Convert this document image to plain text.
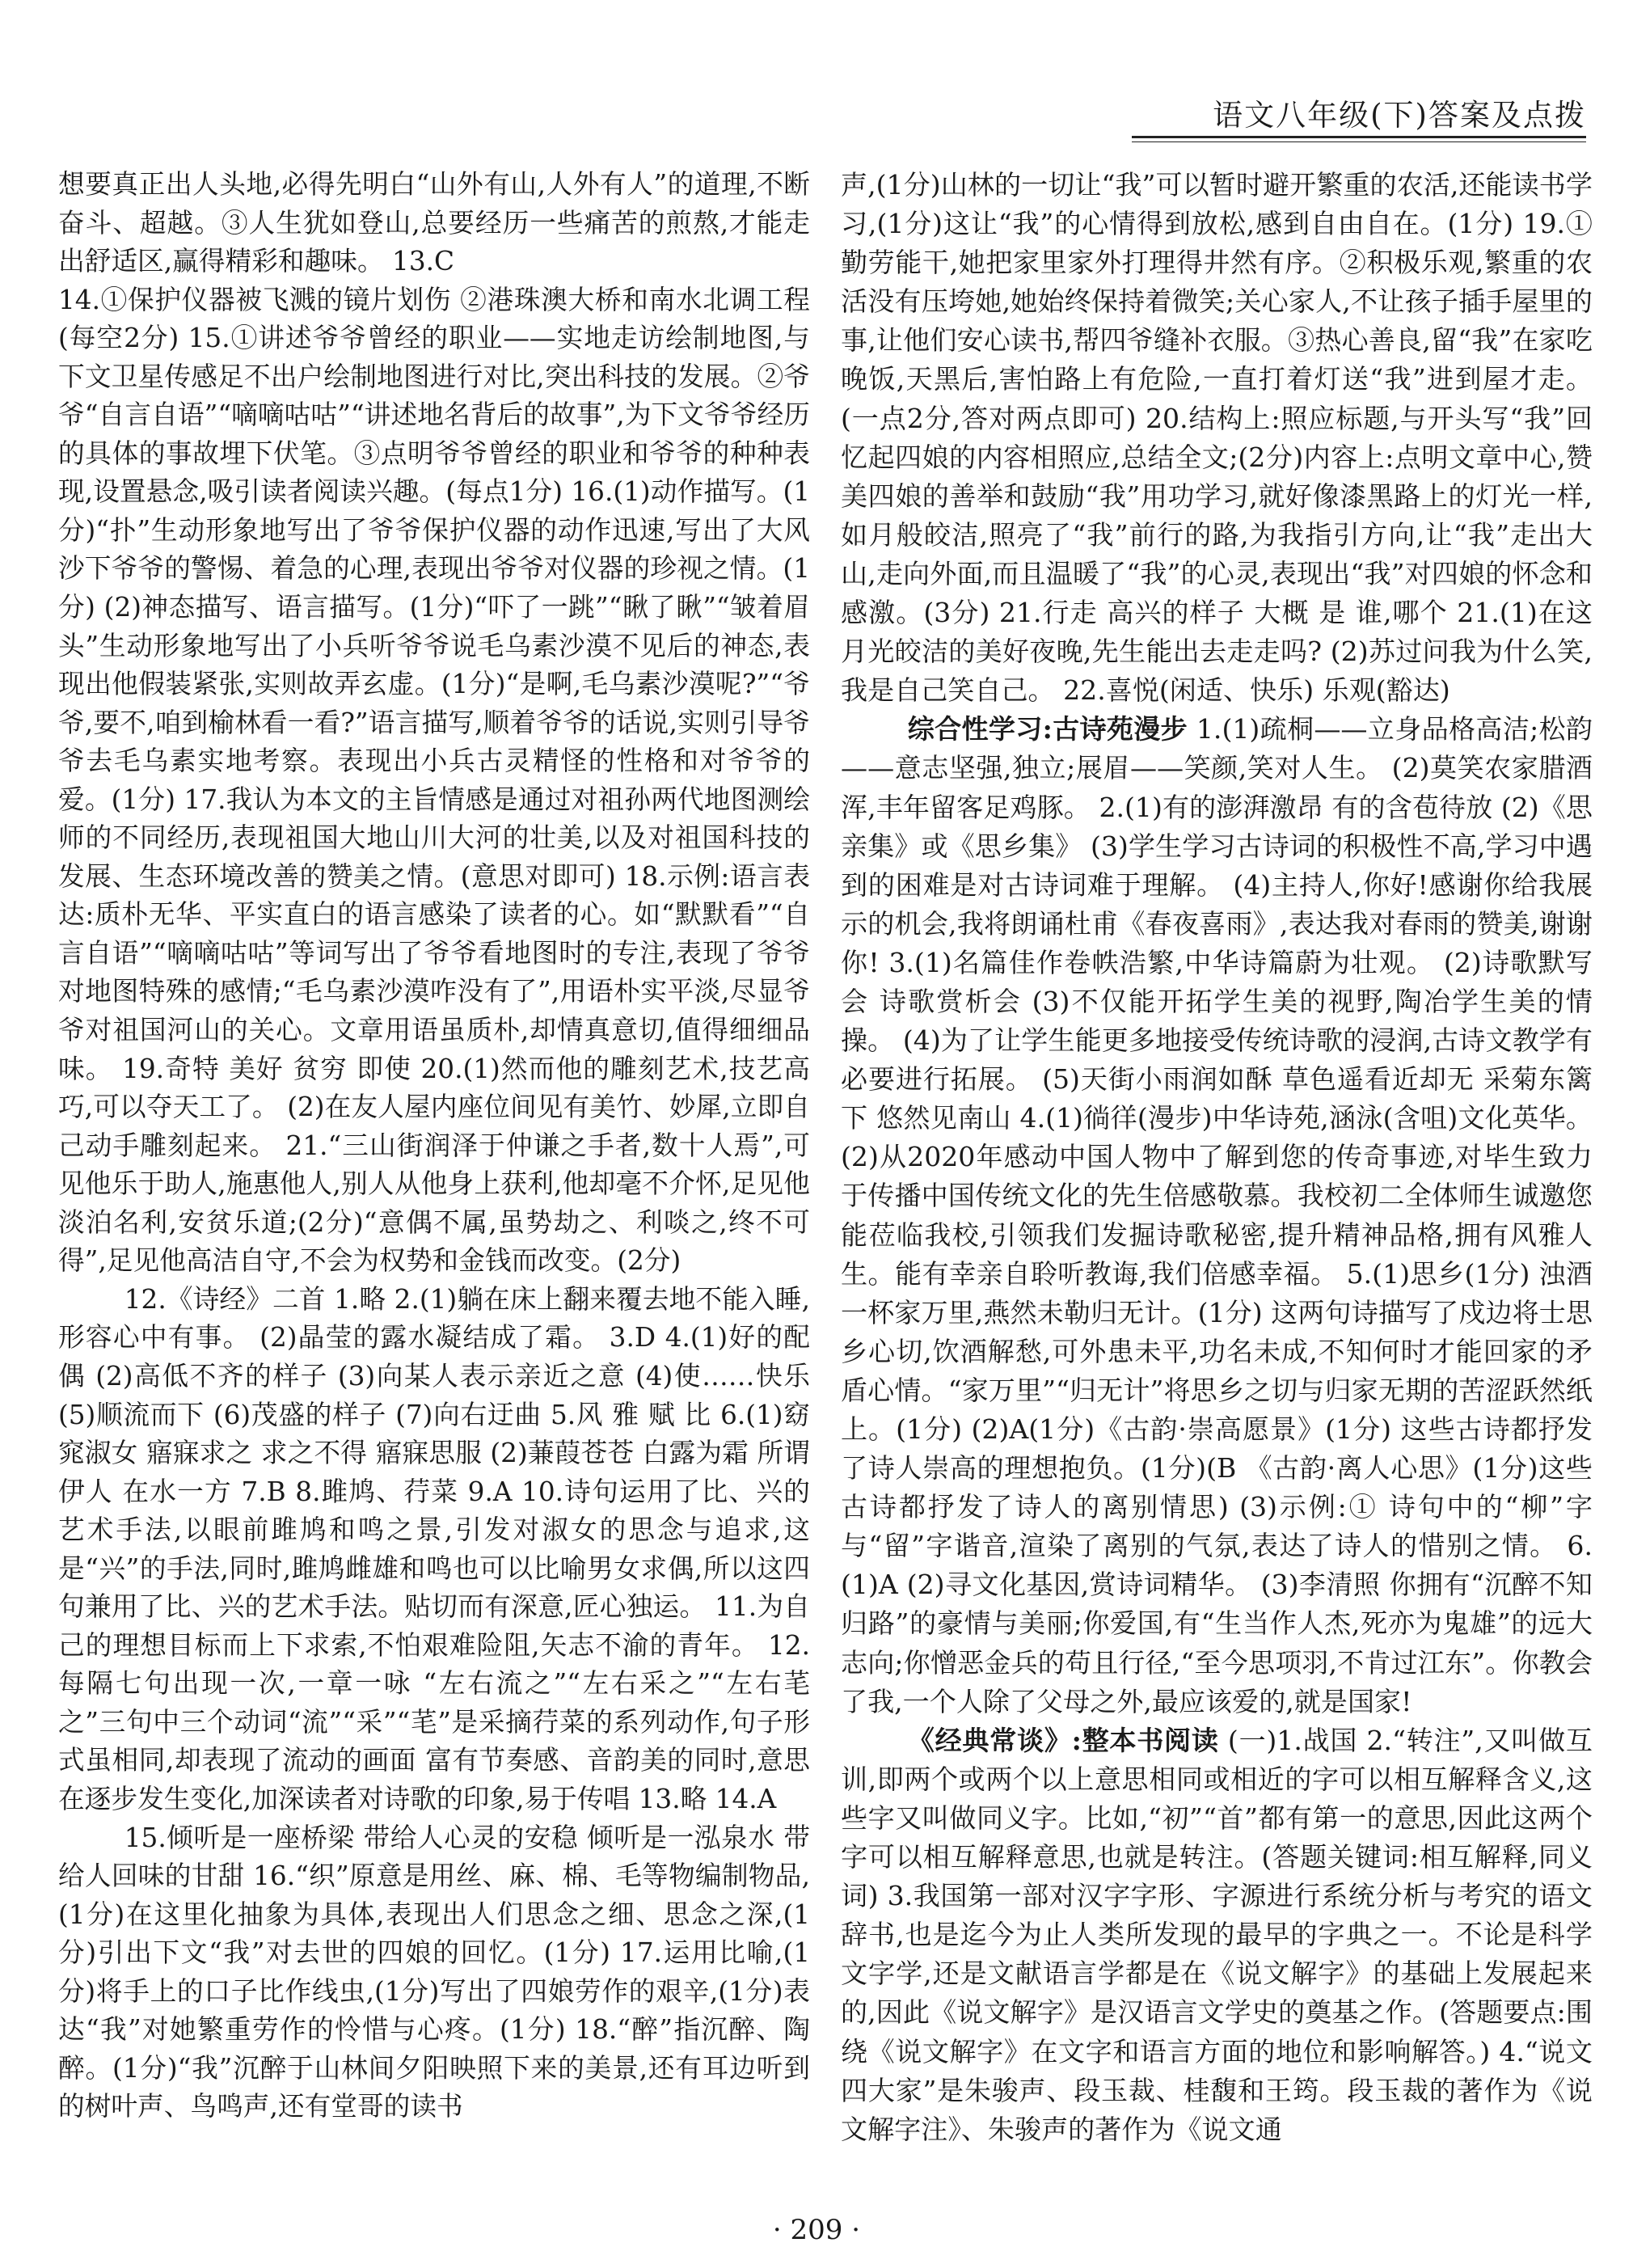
语文八年级(下)答案及点拨

想要真正出人头地,必得先明白“山外有山,人外有人”的道理,不断奋斗、超越。③人生犹如登山,总要经历一些痛苦的煎熬,才能走出舒适区,赢得精彩和趣味。 13.C

14.①保护仪器被飞溅的镜片划伤 ②港珠澳大桥和南水北调工程(每空2分) 15.①讲述爷爷曾经的职业——实地走访绘制地图,与下文卫星传感足不出户绘制地图进行对比,突出科技的发展。②爷爷“自言自语”“嘀嘀咕咕”“讲述地名背后的故事”,为下文爷爷经历的具体的事故埋下伏笔。③点明爷爷曾经的职业和爷爷的种种表现,设置悬念,吸引读者阅读兴趣。(每点1分) 16.(1)动作描写。(1分)“扑”生动形象地写出了爷爷保护仪器的动作迅速,写出了大风沙下爷爷的警惕、着急的心理,表现出爷爷对仪器的珍视之情。(1分) (2)神态描写、语言描写。(1分)“吓了一跳”“瞅了瞅”“皱着眉头”生动形象地写出了小兵听爷爷说毛乌素沙漠不见后的神态,表现出他假装紧张,实则故弄玄虚。(1分)“是啊,毛乌素沙漠呢?”“爷爷,要不,咱到榆林看一看?”语言描写,顺着爷爷的话说,实则引导爷爷去毛乌素实地考察。表现出小兵古灵精怪的性格和对爷爷的爱。(1分) 17.我认为本文的主旨情感是通过对祖孙两代地图测绘师的不同经历,表现祖国大地山川大河的壮美,以及对祖国科技的发展、生态环境改善的赞美之情。(意思对即可) 18.示例:语言表达:质朴无华、平实直白的语言感染了读者的心。如“默默看”“自言自语”“嘀嘀咕咕”等词写出了爷爷看地图时的专注,表现了爷爷对地图特殊的感情;“毛乌素沙漠咋没有了”,用语朴实平淡,尽显爷爷对祖国河山的关心。文章用语虽质朴,却情真意切,值得细细品味。 19.奇特 美好 贫穷 即使 20.(1)然而他的雕刻艺术,技艺高巧,可以夺天工了。 (2)在友人屋内座位间见有美竹、妙犀,立即自己动手雕刻起来。 21.“三山街润泽于仲谦之手者,数十人焉”,可见他乐于助人,施惠他人,别人从他身上获利,他却毫不介怀,足见他淡泊名利,安贫乐道;(2分)“意偶不属,虽势劫之、利啖之,终不可得”,足见他高洁自守,不会为权势和金钱而改变。(2分)

12.《诗经》二首 1.略 2.(1)躺在床上翻来覆去地不能入睡,形容心中有事。 (2)晶莹的露水凝结成了霜。 3.D 4.(1)好的配偶 (2)高低不齐的样子 (3)向某人表示亲近之意 (4)使……快乐 (5)顺流而下 (6)茂盛的样子 (7)向右迂曲 5.风 雅 赋 比 6.(1)窈窕淑女 寤寐求之 求之不得 寤寐思服 (2)蒹葭苍苍 白露为霜 所谓伊人 在水一方 7.B 8.雎鸠、荇菜 9.A 10.诗句运用了比、兴的艺术手法,以眼前雎鸠和鸣之景,引发对淑女的思念与追求,这是“兴”的手法,同时,雎鸠雌雄和鸣也可以比喻男女求偶,所以这四句兼用了比、兴的艺术手法。贴切而有深意,匠心独运。 11.为自己的理想目标而上下求索,不怕艰难险阻,矢志不渝的青年。 12.每隔七句出现一次,一章一咏 “左右流之”“左右采之”“左右芼之”三句中三个动词“流”“采”“芼”是采摘荇菜的系列动作,句子形式虽相同,却表现了流动的画面 富有节奏感、音韵美的同时,意思在逐步发生变化,加深读者对诗歌的印象,易于传唱 13.略 14.A

15.倾听是一座桥梁 带给人心灵的安稳 倾听是一泓泉水 带给人回味的甘甜 16.“织”原意是用丝、麻、棉、毛等物编制物品,(1分)在这里化抽象为具体,表现出人们思念之细、思念之深,(1分)引出下文“我”对去世的四娘的回忆。(1分) 17.运用比喻,(1分)将手上的口子比作线虫,(1分)写出了四娘劳作的艰辛,(1分)表达“我”对她繁重劳作的怜惜与心疼。(1分) 18.“醉”指沉醉、陶醉。(1分)“我”沉醉于山林间夕阳映照下来的美景,还有耳边听到的树叶声、鸟鸣声,还有堂哥的读书

声,(1分)山林的一切让“我”可以暂时避开繁重的农活,还能读书学习,(1分)这让“我”的心情得到放松,感到自由自在。(1分) 19.①勤劳能干,她把家里家外打理得井然有序。②积极乐观,繁重的农活没有压垮她,她始终保持着微笑;关心家人,不让孩子插手屋里的事,让他们安心读书,帮四爷缝补衣服。③热心善良,留“我”在家吃晚饭,天黑后,害怕路上有危险,一直打着灯送“我”进到屋才走。(一点2分,答对两点即可) 20.结构上:照应标题,与开头写“我”回忆起四娘的内容相照应,总结全文;(2分)内容上:点明文章中心,赞美四娘的善举和鼓励“我”用功学习,就好像漆黑路上的灯光一样,如月般皎洁,照亮了“我”前行的路,为我指引方向,让“我”走出大山,走向外面,而且温暖了“我”的心灵,表现出“我”对四娘的怀念和感激。(3分) 21.行走 高兴的样子 大概 是 谁,哪个 21.(1)在这月光皎洁的美好夜晚,先生能出去走走吗? (2)苏过问我为什么笑,我是自己笑自己。 22.喜悦(闲适、快乐) 乐观(豁达)

综合性学习:古诗苑漫步 1.(1)疏桐——立身品格高洁;松韵——意志坚强,独立;展眉——笑颜,笑对人生。 (2)莫笑农家腊酒浑,丰年留客足鸡豚。 2.(1)有的澎湃激昂 有的含苞待放 (2)《思亲集》或《思乡集》 (3)学生学习古诗词的积极性不高,学习中遇到的困难是对古诗词难于理解。 (4)主持人,你好!感谢你给我展示的机会,我将朗诵杜甫《春夜喜雨》,表达我对春雨的赞美,谢谢你! 3.(1)名篇佳作卷帙浩繁,中华诗篇蔚为壮观。 (2)诗歌默写会 诗歌赏析会 (3)不仅能开拓学生美的视野,陶冶学生美的情操。 (4)为了让学生能更多地接受传统诗歌的浸润,古诗文教学有必要进行拓展。 (5)天街小雨润如酥 草色遥看近却无 采菊东篱下 悠然见南山 4.(1)徜徉(漫步)中华诗苑,涵泳(含咀)文化英华。 (2)从2020年感动中国人物中了解到您的传奇事迹,对毕生致力于传播中国传统文化的先生倍感敬慕。我校初二全体师生诚邀您能莅临我校,引领我们发掘诗歌秘密,提升精神品格,拥有风雅人生。能有幸亲自聆听教诲,我们倍感幸福。 5.(1)思乡(1分) 浊酒一杯家万里,燕然未勒归无计。(1分) 这两句诗描写了戍边将士思乡心切,饮酒解愁,可外患未平,功名未成,不知何时才能回家的矛盾心情。“家万里”“归无计”将思乡之切与归家无期的苦涩跃然纸上。(1分) (2)A(1分)《古韵·崇高愿景》(1分) 这些古诗都抒发了诗人崇高的理想抱负。(1分)(B 《古韵·离人心思》(1分)这些古诗都抒发了诗人的离别情思) (3)示例:① 诗句中的“柳”字与“留”字谐音,渲染了离别的气氛,表达了诗人的惜别之情。 6.(1)A (2)寻文化基因,赏诗词精华。 (3)李清照 你拥有“沉醉不知归路”的豪情与美丽;你爱国,有“生当作人杰,死亦为鬼雄”的远大志向;你憎恶金兵的苟且行径,“至今思项羽,不肯过江东”。你教会了我,一个人除了父母之外,最应该爱的,就是国家!

《经典常谈》:整本书阅读 (一)1.战国 2.“转注”,又叫做互训,即两个或两个以上意思相同或相近的字可以相互解释含义,这些字又叫做同义字。比如,“初”“首”都有第一的意思,因此这两个字可以相互解释意思,也就是转注。(答题关键词:相互解释,同义词) 3.我国第一部对汉字字形、字源进行系统分析与考究的语文辞书,也是迄今为止人类所发现的最早的字典之一。不论是科学文字学,还是文献语言学都是在《说文解字》的基础上发展起来的,因此《说文解字》是汉语言文学史的奠基之作。(答题要点:围绕《说文解字》在文字和语言方面的地位和影响解答。) 4.“说文四大家”是朱骏声、段玉裁、桂馥和王筠。段玉裁的著作为《说文解字注》、朱骏声的著作为《说文通

· 209 ·
